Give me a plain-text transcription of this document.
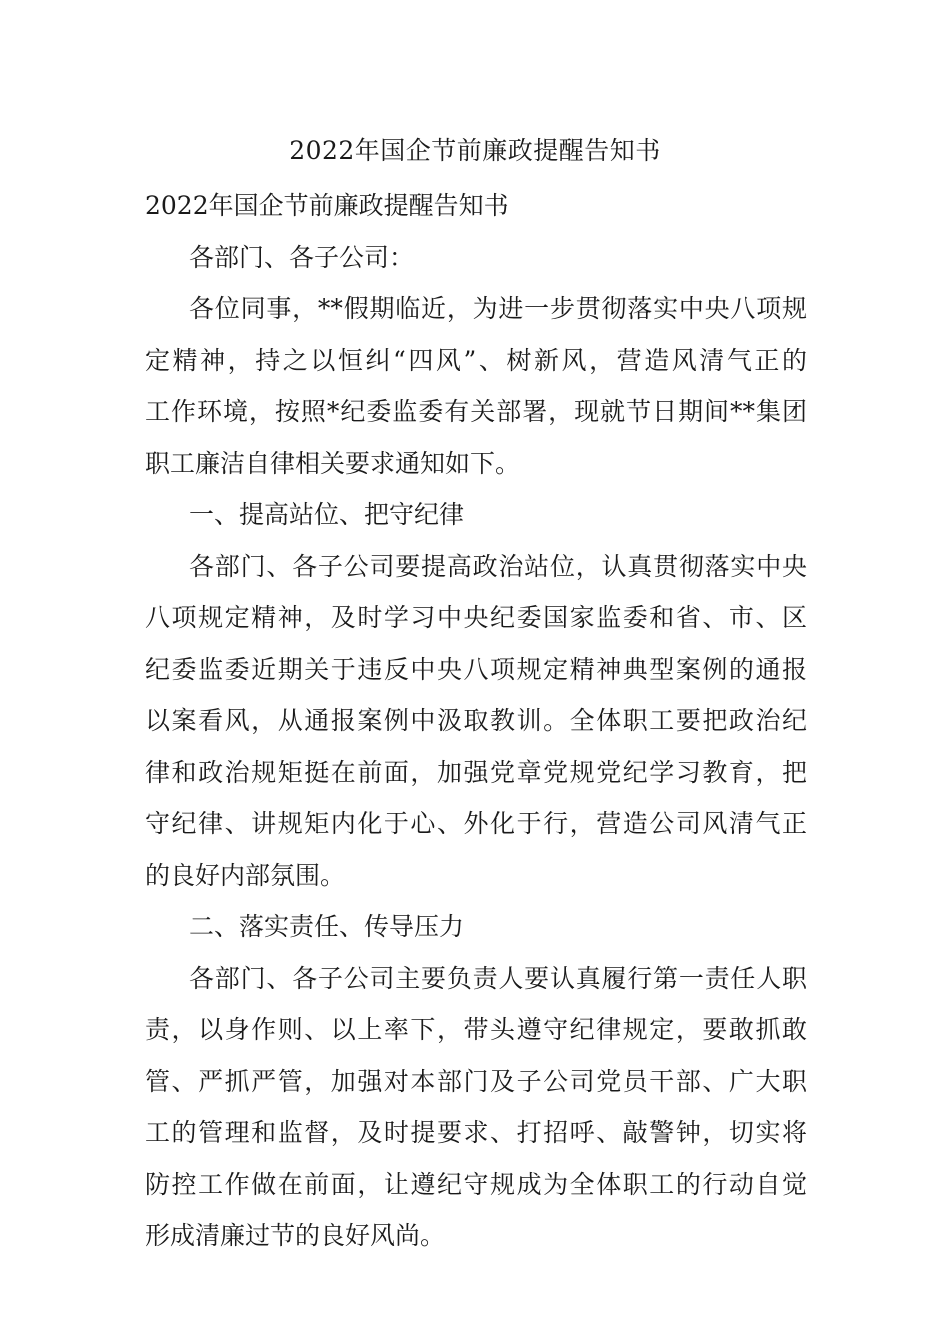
2022年国企节前廉政提醒告知书
2022年国企节前廉政提醒告知书
各部门、各子公司：
各位同事，**假期临近，为进一步贯彻落实中央八项规
定精神，持之以恒纠“四风”、树新风，营造风清气正的
工作环境，按照*纪委监委有关部署，现就节日期间**集团
职工廉洁自律相关要求通知如下。
一、提高站位、把守纪律
各部门、各子公司要提高政治站位，认真贯彻落实中央
八项规定精神，及时学习中央纪委国家监委和省、市、区
纪委监委近期关于违反中央八项规定精神典型案例的通报
以案看风，从通报案例中汲取教训。全体职工要把政治纪
律和政治规矩挺在前面，加强党章党规党纪学习教育，把
守纪律、讲规矩内化于心、外化于行，营造公司风清气正
的良好内部氛围。
二、落实责任、传导压力
各部门、各子公司主要负责人要认真履行第一责任人职
责，以身作则、以上率下，带头遵守纪律规定，要敢抓敢
管、严抓严管，加强对本部门及子公司党员干部、广大职
工的管理和监督，及时提要求、打招呼、敲警钟，切实将
防控工作做在前面，让遵纪守规成为全体职工的行动自觉
形成清廉过节的良好风尚。
